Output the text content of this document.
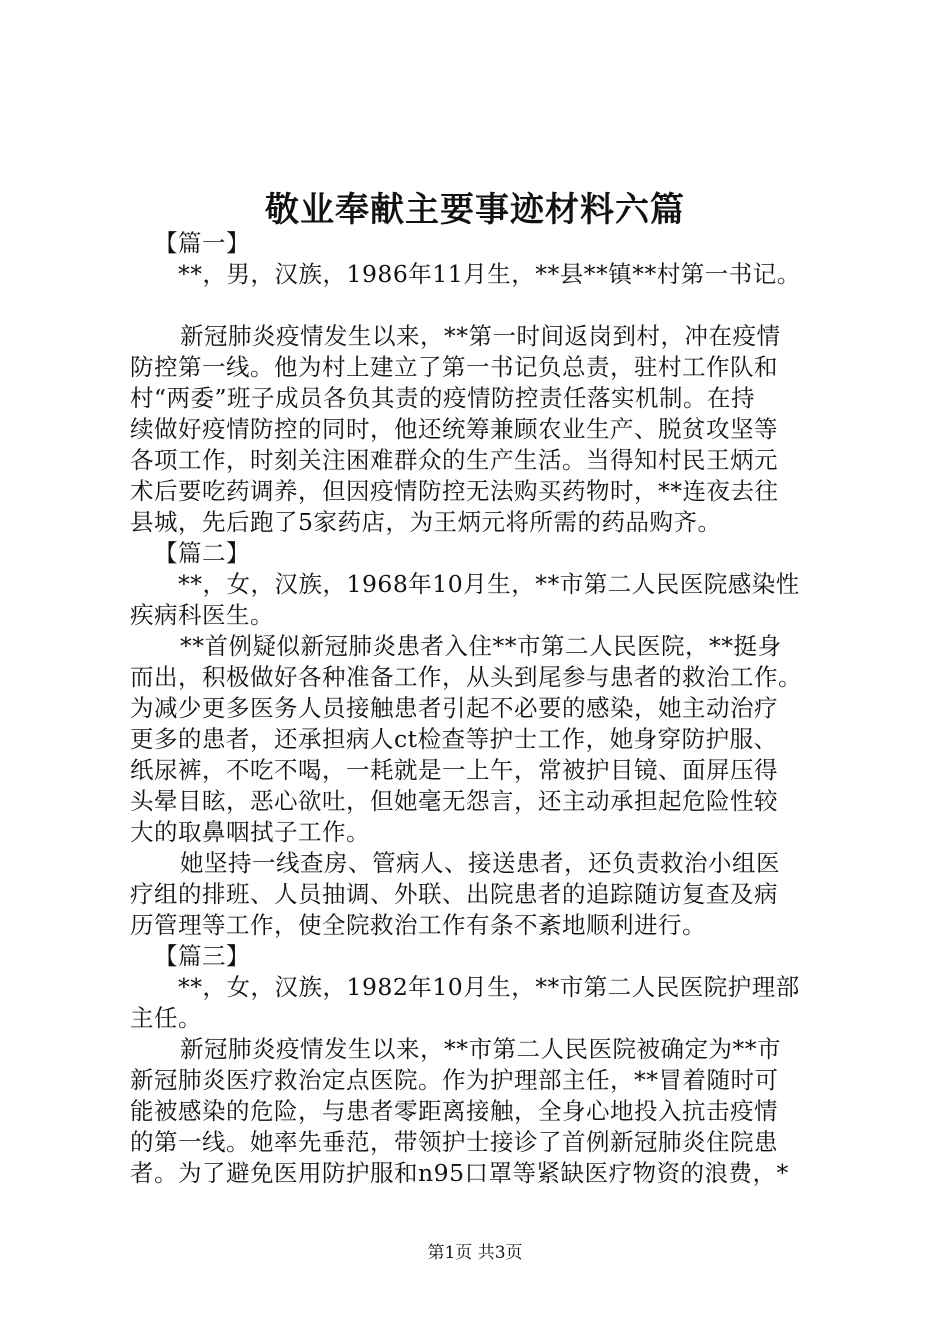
敬业奉献主要事迹材料六篇
【篇一】
**，男，汉族，1986年11月生，**县**镇**村第一书记。
新冠肺炎疫情发生以来，**第一时间返岗到村，冲在疫情
防控第一线。他为村上建立了第一书记负总责，驻村工作队和
村“两委”班子成员各负其责的疫情防控责任落实机制。在持
续做好疫情防控的同时，他还统筹兼顾农业生产、脱贫攻坚等
各项工作，时刻关注困难群众的生产生活。当得知村民王炳元
术后要吃药调养，但因疫情防控无法购买药物时，**连夜去往
县城，先后跑了5家药店，为王炳元将所需的药品购齐。
【篇二】
**，女，汉族，1968年10月生，**市第二人民医院感染性
疾病科医生。
**首例疑似新冠肺炎患者入住**市第二人民医院，**挺身
而出，积极做好各种准备工作，从头到尾参与患者的救治工作。
为减少更多医务人员接触患者引起不必要的感染，她主动治疗
更多的患者，还承担病人ct检查等护士工作，她身穿防护服、
纸尿裤，不吃不喝，一耗就是一上午，常被护目镜、面屏压得
头晕目眩，恶心欲吐，但她毫无怨言，还主动承担起危险性较
大的取鼻咽拭子工作。
她坚持一线查房、管病人、接送患者，还负责救治小组医
疗组的排班、人员抽调、外联、出院患者的追踪随访复查及病
历管理等工作，使全院救治工作有条不紊地顺利进行。
【篇三】
**，女，汉族，1982年10月生，**市第二人民医院护理部
主任。
新冠肺炎疫情发生以来，**市第二人民医院被确定为**市
新冠肺炎医疗救治定点医院。作为护理部主任，**冒着随时可
能被感染的危险，与患者零距离接触，全身心地投入抗击疫情
的第一线。她率先垂范，带领护士接诊了首例新冠肺炎住院患
者。为了避免医用防护服和n95口罩等紧缺医疗物资的浪费，*
第1页 共3页
